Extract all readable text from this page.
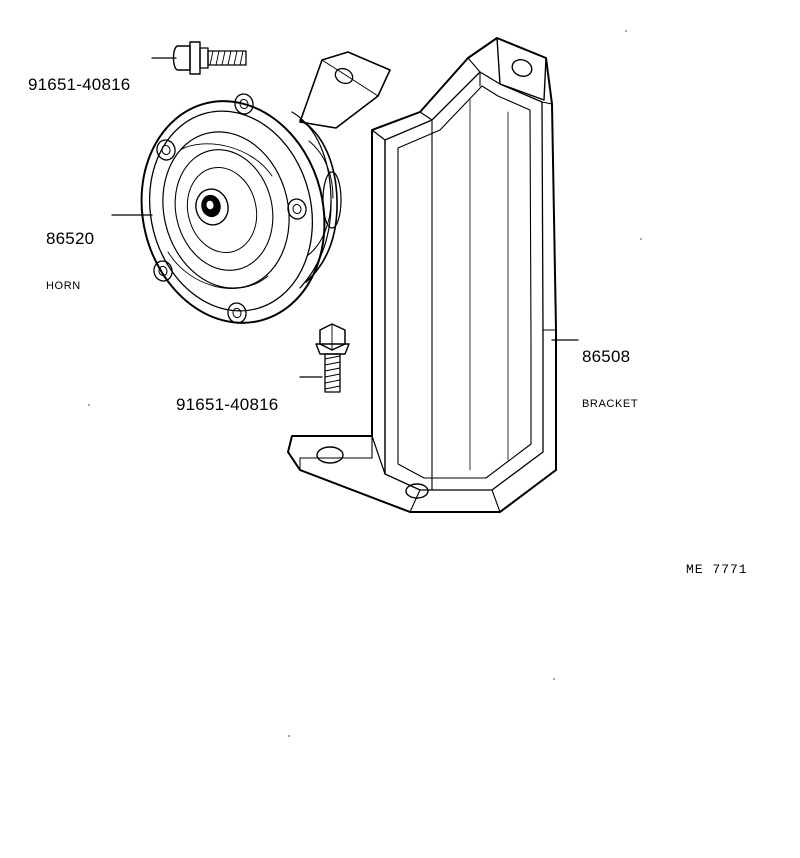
91651-40816

86520

HORN

91651-40816

86508

BRACKET

ME 7771
